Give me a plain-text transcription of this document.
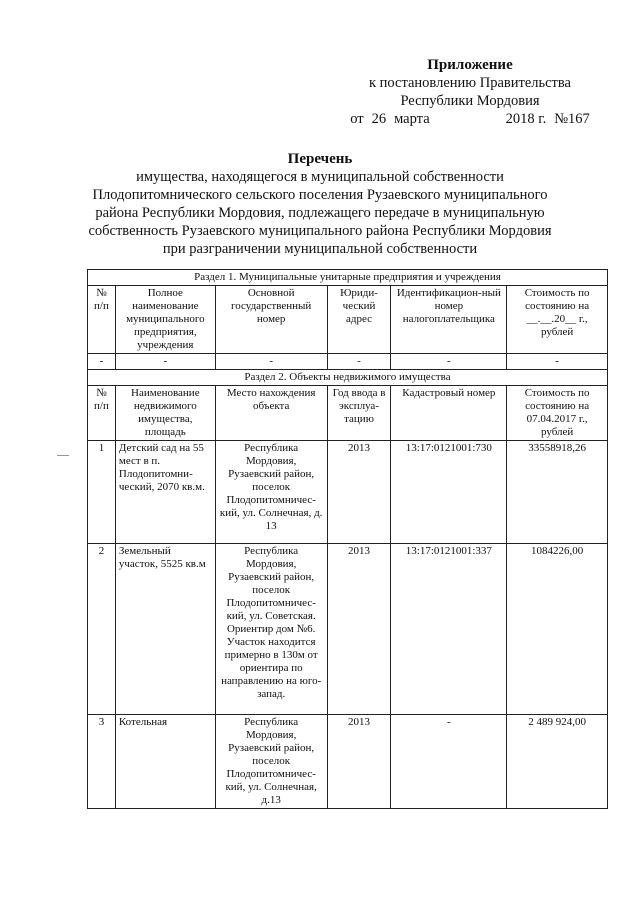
Приложение
к постановлению Правительства
Республики Мордовия
от 26 марта	2018 г. №167
Перечень
имущества, находящегося в муниципальной собственности
Плодопитомнического сельского поселения Рузаевского муниципального
района Республики Мордовия, подлежащего передаче в муниципальную
собственность Рузаевского муниципального района Республики Мордовия
при разграничении муниципальной собственности
Раздел 1. Муниципальные унитарные предприятия и учреждения					
№ п/п	Полное наименование муниципального предприятия, учреждения	Основной государственный номер	Юриди-ческий адрес	Идентификацион-ный номер налогоплательщика	Стоимость по состоянию на __.__.20__ г., рублей
-	-	-	-	-	-
Раздел 2. Объекты недвижимого имущества					
№ п/п	Наименование недвижимого имущества, площадь	Место нахождения объекта	Год ввода в эксплуа-тацию	Кадастровый номер	Стоимость по состоянию на 07.04.2017 г., рублей
1	Детский сад на 55 мест в п. Плодопитомни-ческий, 2070 кв.м.	Республика Мордовия, Рузаевский район, поселок Плодопитомничес-кий, ул. Солнечная, д. 13	2013	13:17:0121001:730	33558918,26
2	Земельный участок, 5525 кв.м	Республика Мордовия, Рузаевский район, поселок Плодопитомничес-кий, ул. Советская. Ориентир дом №6. Участок находится примерно в 130м от ориентира по направлению на юго-запад.	2013	13:17:0121001:337	1084226,00
3	Котельная	Республика Мордовия, Рузаевский район, поселок Плодопитомничес-кий, ул. Солнечная, д.13	2013	-	2 489 924,00
